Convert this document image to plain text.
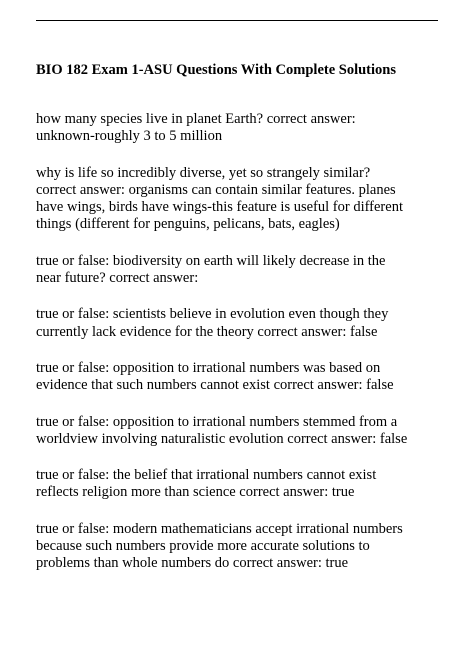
BIO 182 Exam 1-ASU Questions With Complete Solutions

how many species live in planet Earth? correct answer:
unknown-roughly 3 to 5 million

why is life so incredibly diverse, yet so strangely similar?
correct answer: organisms can contain similar features. planes
have wings, birds have wings-this feature is useful for different
things (different for penguins, pelicans, bats, eagles)

true or false: biodiversity on earth will likely decrease in the
near future? correct answer:

true or false: scientists believe in evolution even though they
currently lack evidence for the theory correct answer: false

true or false: opposition to irrational numbers was based on
evidence that such numbers cannot exist correct answer: false

true or false: opposition to irrational numbers stemmed from a
worldview involving naturalistic evolution correct answer: false

true or false: the belief that irrational numbers cannot exist
reflects religion more than science correct answer: true

true or false: modern mathematicians accept irrational numbers
because such numbers provide more accurate solutions to
problems than whole numbers do correct answer: true
